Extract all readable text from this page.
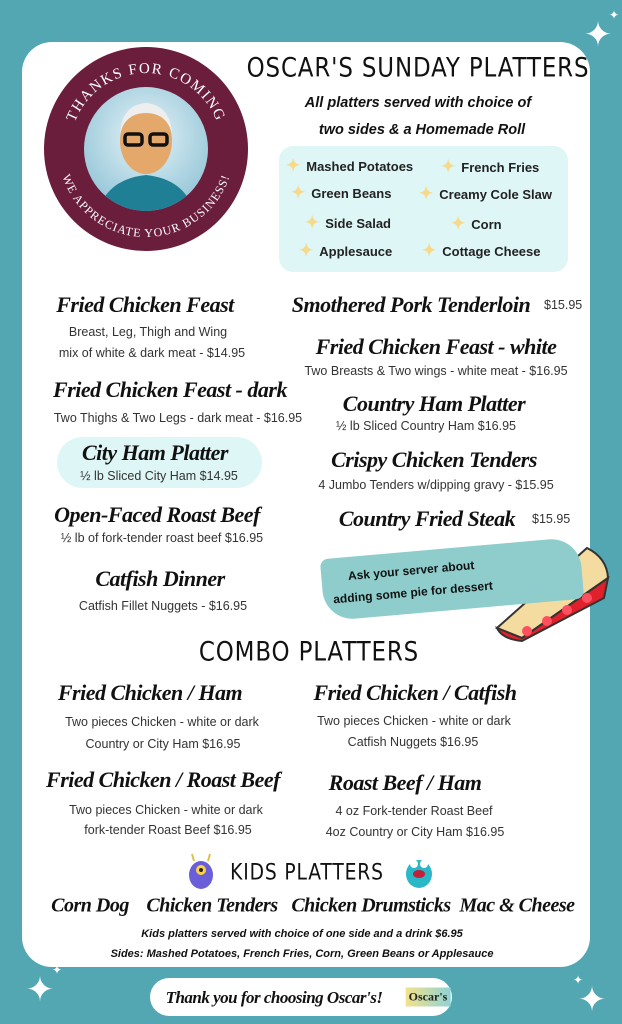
✦
✦
✦
✦
✦
✦
THANKS FOR COMING
WE APPRECIATE YOUR BUSINESS!
OSCAR'S SUNDAY PLATTERS
All platters served with choice of
two sides & a Homemade Roll
✦ Mashed Potatoes ✦ French Fries
✦ Green Beans ✦ Creamy Cole Slaw
✦ Side Salad	✦ Corn
✦ Applesauce ✦ Cottage Cheese
Fried Chicken Feast
Breast, Leg, Thigh and Wing
mix of white & dark meat - $14.95
Fried Chicken Feast - dark
Two Thighs & Two Legs - dark meat - $16.95
City Ham Platter
½ lb Sliced City Ham $14.95
Open-Faced Roast Beef
½ lb of fork-tender roast beef $16.95
Catfish Dinner
Catfish Fillet Nuggets - $16.95
Smothered Pork Tenderloin $15.95
Fried Chicken Feast - white
Two Breasts & Two wings - white meat - $16.95
Country Ham Platter
½ lb Sliced Country Ham $16.95
Crispy Chicken Tenders
4 Jumbo Tenders w/dipping gravy - $15.95
Country Fried Steak $15.95
Ask your server about
adding some pie for dessert
COMBO PLATTERS
Fried Chicken / Ham
Two pieces Chicken - white or dark
Country or City Ham $16.95
Fried Chicken / Catfish
Two pieces Chicken - white or dark
Catfish Nuggets $16.95
Fried Chicken / Roast Beef
Two pieces Chicken - white or dark
fork-tender Roast Beef $16.95
Roast Beef / Ham
4 oz Fork-tender Roast Beef
4oz Country or City Ham $16.95
KIDS PLATTERS
Corn Dog Chicken Tenders Chicken Drumsticks Mac & Cheese
Kids platters served with choice of one side and a drink $6.95
Sides: Mashed Potatoes, French Fries, Corn, Green Beans or Applesauce
Thank you for choosing Oscar's! Oscar's
